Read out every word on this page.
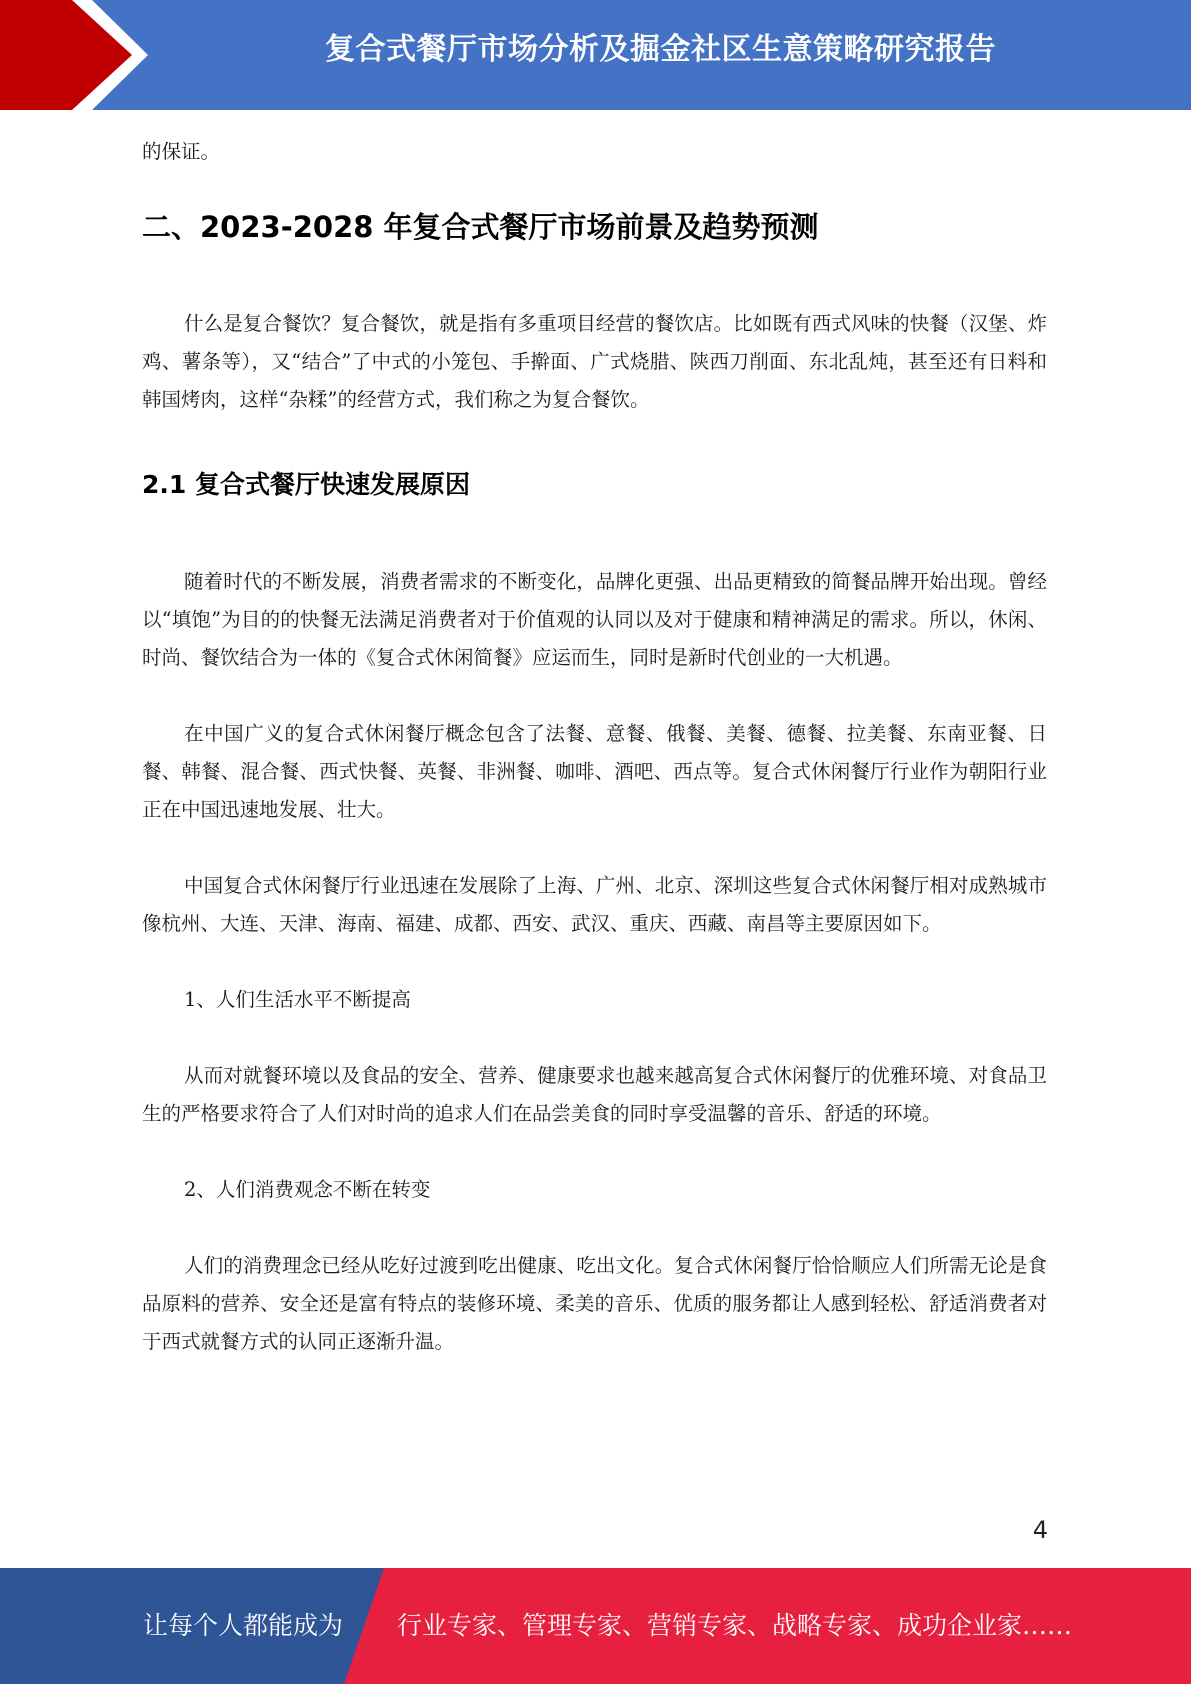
复合式餐厅市场分析及掘金社区生意策略研究报告

的保证。

二、2023-2028 年复合式餐厅市场前景及趋势预测

什么是复合餐饮？复合餐饮，就是指有多重项目经营的餐饮店。比如既有西式风味的快餐（汉堡、炸鸡、薯条等），又“结合”了中式的小笼包、手擀面、广式烧腊、陕西刀削面、东北乱炖，甚至还有日料和韩国烤肉，这样“杂糅”的经营方式，我们称之为复合餐饮。

2.1 复合式餐厅快速发展原因

随着时代的不断发展，消费者需求的不断变化，品牌化更强、出品更精致的简餐品牌开始出现。曾经以“填饱”为目的的快餐无法满足消费者对于价值观的认同以及对于健康和精神满足的需求。所以，休闲、时尚、餐饮结合为一体的《复合式休闲简餐》应运而生，同时是新时代创业的一大机遇。

在中国广义的复合式休闲餐厅概念包含了法餐、意餐、俄餐、美餐、德餐、拉美餐、东南亚餐、日餐、韩餐、混合餐、西式快餐、英餐、非洲餐、咖啡、酒吧、西点等。复合式休闲餐厅行业作为朝阳行业正在中国迅速地发展、壮大。

中国复合式休闲餐厅行业迅速在发展除了上海、广州、北京、深圳这些复合式休闲餐厅相对成熟城市像杭州、大连、天津、海南、福建、成都、西安、武汉、重庆、西藏、南昌等主要原因如下。

1、人们生活水平不断提高

从而对就餐环境以及食品的安全、营养、健康要求也越来越高复合式休闲餐厅的优雅环境、对食品卫生的严格要求符合了人们对时尚的追求人们在品尝美食的同时享受温馨的音乐、舒适的环境。

2、人们消费观念不断在转变

人们的消费理念已经从吃好过渡到吃出健康、吃出文化。复合式休闲餐厅恰恰顺应人们所需无论是食品原料的营养、安全还是富有特点的装修环境、柔美的音乐、优质的服务都让人感到轻松、舒适消费者对于西式就餐方式的认同正逐渐升温。

4
让每个人都能成为 行业专家、管理专家、营销专家、战略专家、成功企业家……
